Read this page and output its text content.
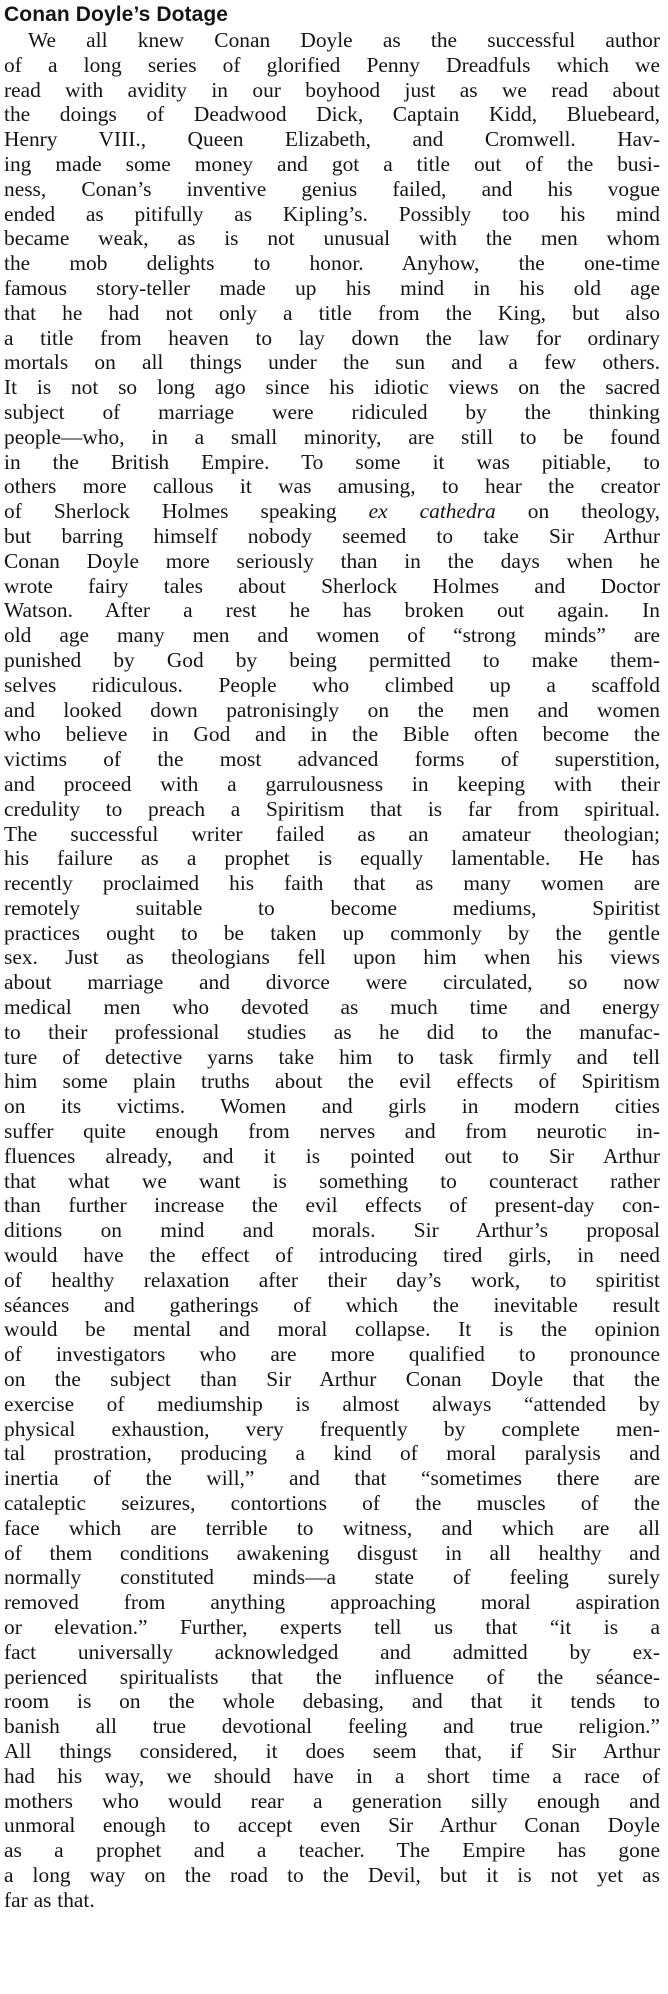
Conan Doyle’s Dotage
We all knew Conan Doyle as the successful author
of a long series of glorified Penny Dreadfuls which we
read with avidity in our boyhood just as we read about
the doings of Deadwood Dick, Captain Kidd, Bluebeard,
Henry VIII., Queen Elizabeth, and Cromwell. Hav-
ing made some money and got a title out of the busi-
ness, Conan’s inventive genius failed, and his vogue
ended as pitifully as Kipling’s. Possibly too his mind
became weak, as is not unusual with the men whom
the mob delights to honor. Anyhow, the one-time
famous story-teller made up his mind in his old age
that he had not only a title from the King, but also
a title from heaven to lay down the law for ordinary
mortals on all things under the sun and a few others.
It is not so long ago since his idiotic views on the sacred
subject of marriage were ridiculed by the thinking
people—who, in a small minority, are still to be found
in the British Empire. To some it was pitiable, to
others more callous it was amusing, to hear the creator
of Sherlock Holmes speaking ex cathedra on theology,
but barring himself nobody seemed to take Sir Arthur
Conan Doyle more seriously than in the days when he
wrote fairy tales about Sherlock Holmes and Doctor
Watson. After a rest he has broken out again. In
old age many men and women of “strong minds” are
punished by God by being permitted to make them-
selves ridiculous. People who climbed up a scaffold
and looked down patronisingly on the men and women
who believe in God and in the Bible often become the
victims of the most advanced forms of superstition,
and proceed with a garrulousness in keeping with their
credulity to preach a Spiritism that is far from spiritual.
The successful writer failed as an amateur theologian;
his failure as a prophet is equally lamentable. He has
recently proclaimed his faith that as many women are
remotely suitable to become mediums, Spiritist
practices ought to be taken up commonly by the gentle
sex. Just as theologians fell upon him when his views
about marriage and divorce were circulated, so now
medical men who devoted as much time and energy
to their professional studies as he did to the manufac-
ture of detective yarns take him to task firmly and tell
him some plain truths about the evil effects of Spiritism
on its victims. Women and girls in modern cities
suffer quite enough from nerves and from neurotic in-
fluences already, and it is pointed out to Sir Arthur
that what we want is something to counteract rather
than further increase the evil effects of present-day con-
ditions on mind and morals. Sir Arthur’s proposal
would have the effect of introducing tired girls, in need
of healthy relaxation after their day’s work, to spiritist
séances and gatherings of which the inevitable result
would be mental and moral collapse. It is the opinion
of investigators who are more qualified to pronounce
on the subject than Sir Arthur Conan Doyle that the
exercise of mediumship is almost always “attended by
physical exhaustion, very frequently by complete men-
tal prostration, producing a kind of moral paralysis and
inertia of the will,” and that “sometimes there are
cataleptic seizures, contortions of the muscles of the
face which are terrible to witness, and which are all
of them conditions awakening disgust in all healthy and
normally constituted minds—a state of feeling surely
removed from anything approaching moral aspiration
or elevation.” Further, experts tell us that “it is a
fact universally acknowledged and admitted by ex-
perienced spiritualists that the influence of the séance-
room is on the whole debasing, and that it tends to
banish all true devotional feeling and true religion.”
All things considered, it does seem that, if Sir Arthur
had his way, we should have in a short time a race of
mothers who would rear a generation silly enough and
unmoral enough to accept even Sir Arthur Conan Doyle
as a prophet and a teacher. The Empire has gone
a long way on the road to the Devil, but it is not yet as
far as that.
